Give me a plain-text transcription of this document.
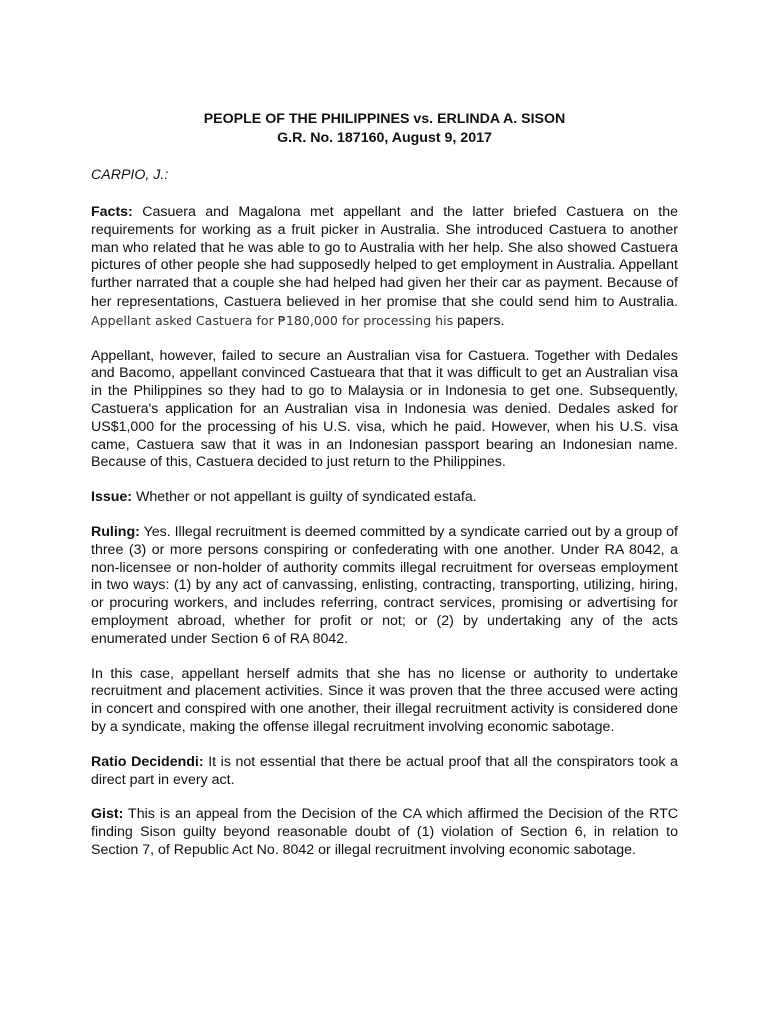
PEOPLE OF THE PHILIPPINES vs. ERLINDA A. SISON
G.R. No. 187160, August 9, 2017
CARPIO, J.:
Facts: Casuera and Magalona met appellant and the latter briefed Castuera on the requirements for working as a fruit picker in Australia. She introduced Castuera to another man who related that he was able to go to Australia with her help. She also showed Castuera pictures of other people she had supposedly helped to get employment in Australia. Appellant further narrated that a couple she had helped had given her their car as payment. Because of her representations, Castuera believed in her promise that she could send him to Australia. Appellant asked Castuera for ₱180,000 for processing his papers.
Appellant, however, failed to secure an Australian visa for Castuera. Together with Dedales and Bacomo, appellant convinced Castueara that that it was difficult to get an Australian visa in the Philippines so they had to go to Malaysia or in Indonesia to get one. Subsequently, Castuera's application for an Australian visa in Indonesia was denied. Dedales asked for US$1,000 for the processing of his U.S. visa, which he paid. However, when his U.S. visa came, Castuera saw that it was in an Indonesian passport bearing an Indonesian name. Because of this, Castuera decided to just return to the Philippines.
Issue: Whether or not appellant is guilty of syndicated estafa.
Ruling: Yes. Illegal recruitment is deemed committed by a syndicate carried out by a group of three (3) or more persons conspiring or confederating with one another. Under RA 8042, a non-licensee or non-holder of authority commits illegal recruitment for overseas employment in two ways: (1) by any act of canvassing, enlisting, contracting, transporting, utilizing, hiring, or procuring workers, and includes referring, contract services, promising or advertising for employment abroad, whether for profit or not; or (2) by undertaking any of the acts enumerated under Section 6 of RA 8042.
In this case, appellant herself admits that she has no license or authority to undertake recruitment and placement activities. Since it was proven that the three accused were acting in concert and conspired with one another, their illegal recruitment activity is considered done by a syndicate, making the offense illegal recruitment involving economic sabotage.
Ratio Decidendi: It is not essential that there be actual proof that all the conspirators took a direct part in every act.
Gist: This is an appeal from the Decision of the CA which affirmed the Decision of the RTC finding Sison guilty beyond reasonable doubt of (1) violation of Section 6, in relation to Section 7, of Republic Act No. 8042 or illegal recruitment involving economic sabotage.
